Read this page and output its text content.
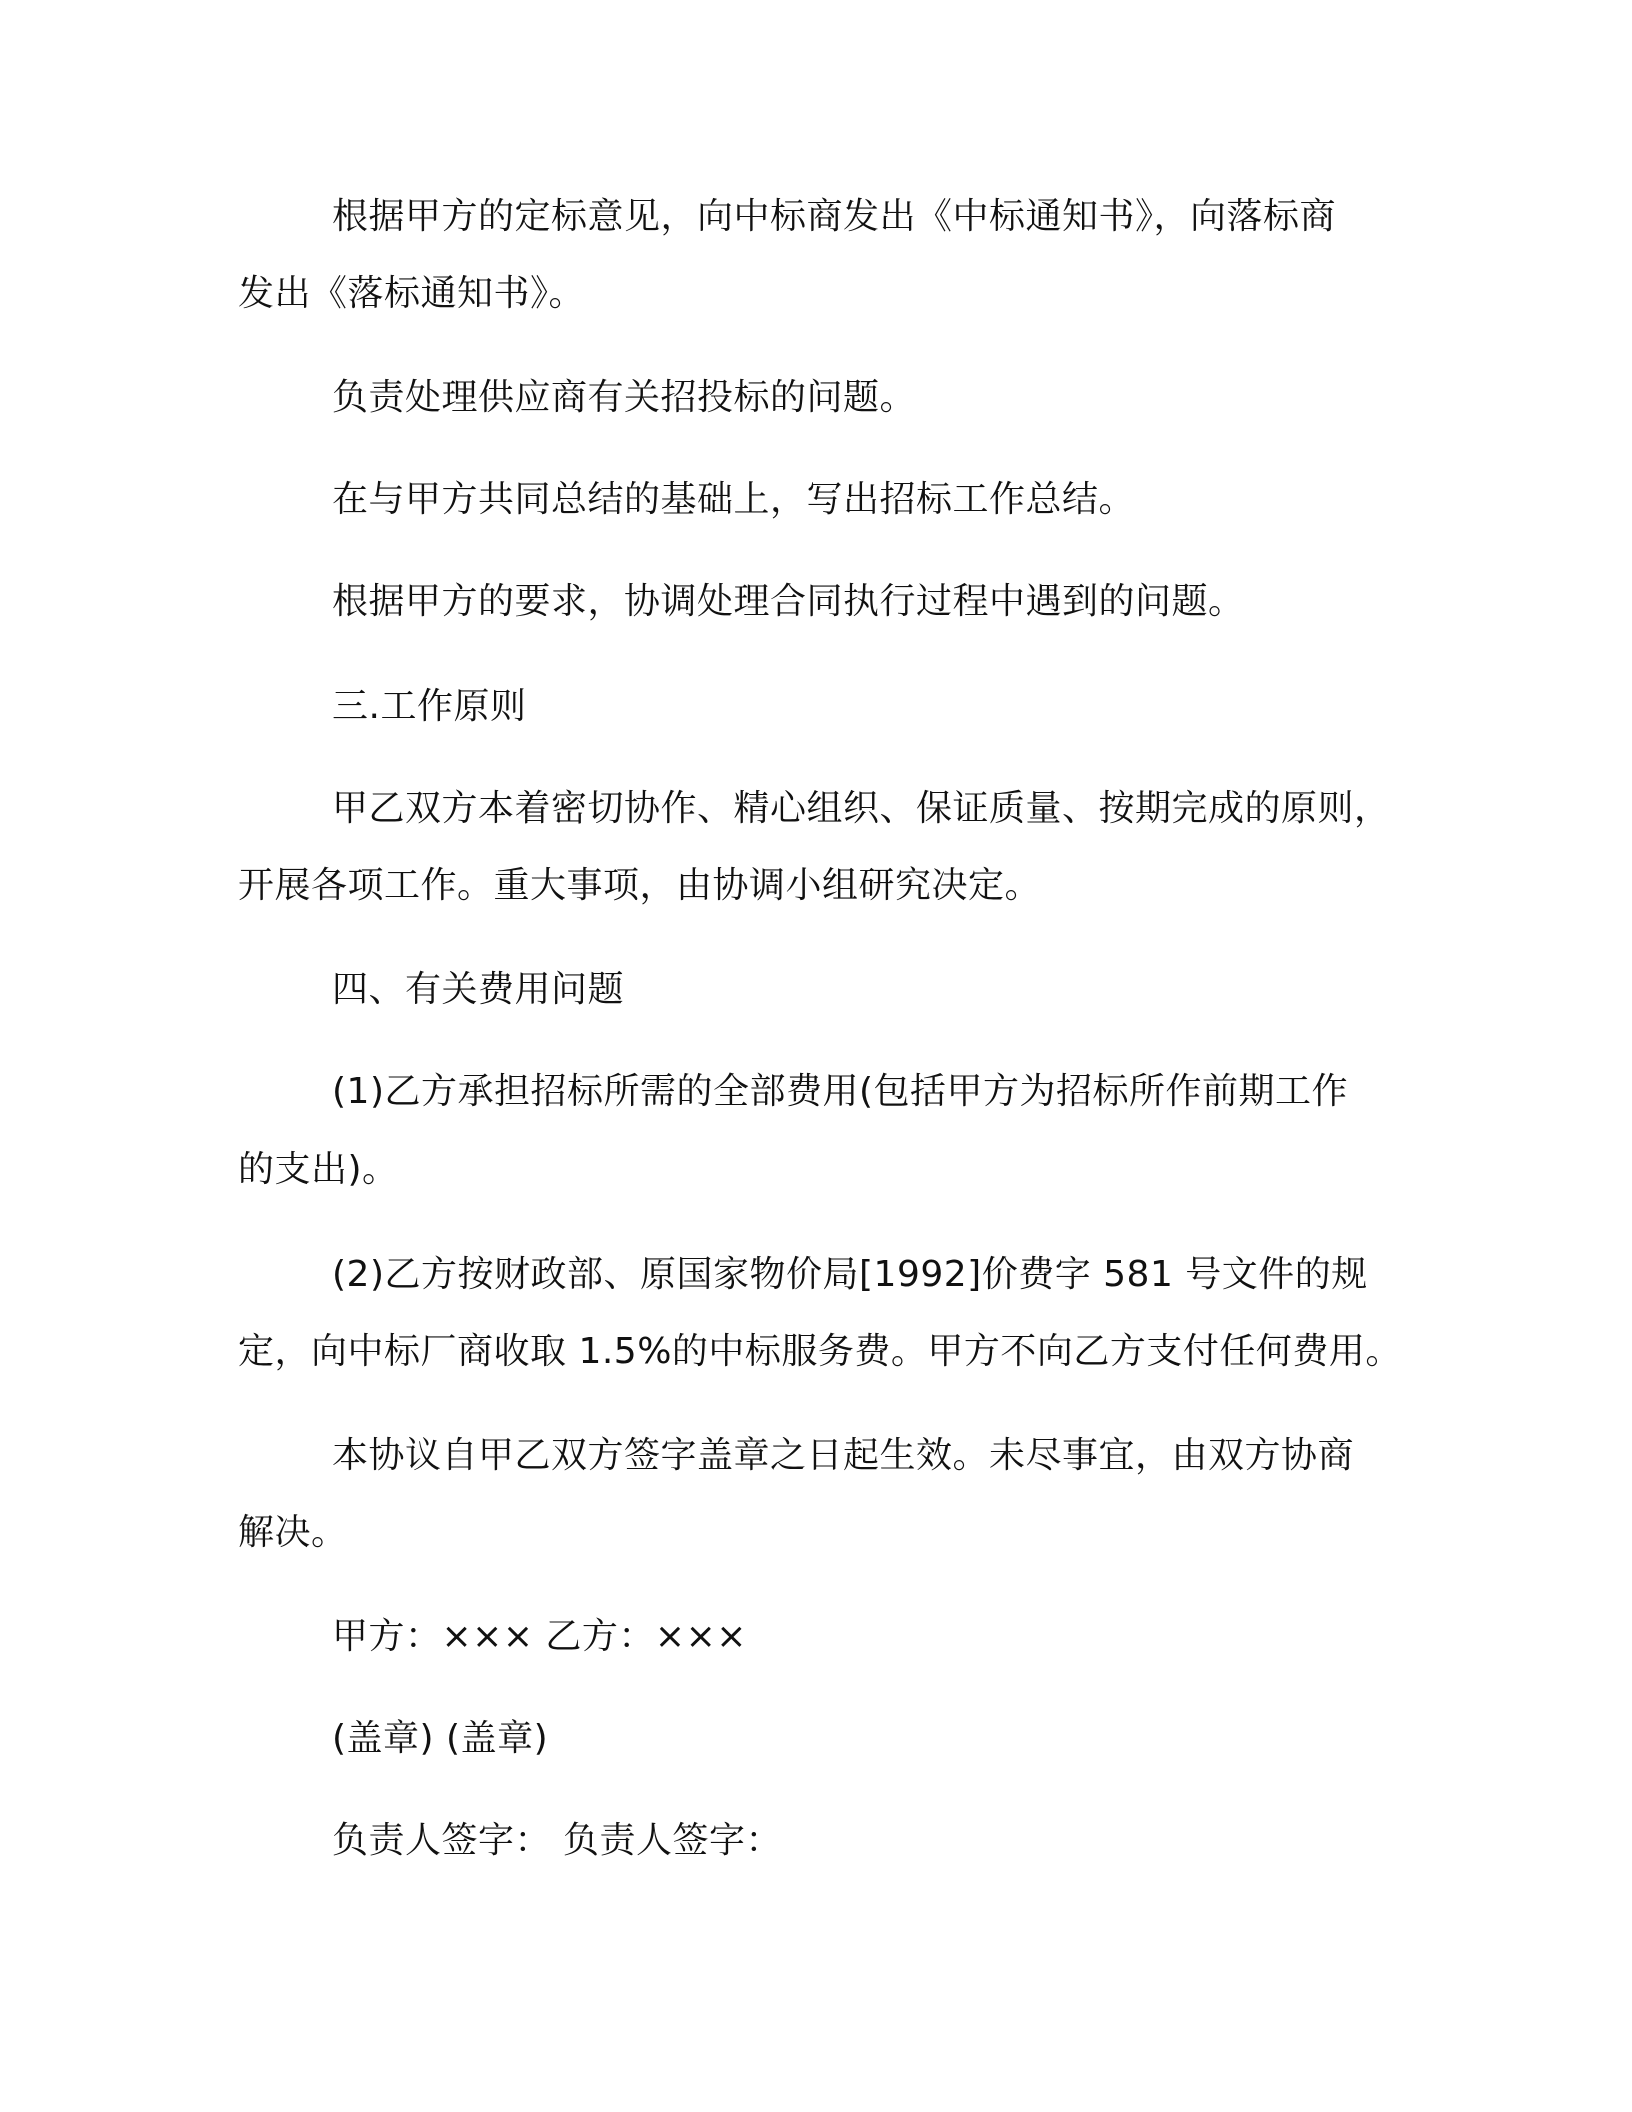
根据甲方的定标意见，向中标商发出《中标通知书》，向落标商
发出《落标通知书》。
负责处理供应商有关招投标的问题。
在与甲方共同总结的基础上，写出招标工作总结。
根据甲方的要求，协调处理合同执行过程中遇到的问题。
三.工作原则
甲乙双方本着密切协作、精心组织、保证质量、按期完成的原则，
开展各项工作。重大事项，由协调小组研究决定。
四、有关费用问题
(1)乙方承担招标所需的全部费用(包括甲方为招标所作前期工作
的支出)。
(2)乙方按财政部、原国家物价局[1992]价费字 581 号文件的规
定，向中标厂商收取 1.5%的中标服务费。甲方不向乙方支付任何费用。
本协议自甲乙双方签字盖章之日起生效。未尽事宜，由双方协商
解决。
甲方：××× 乙方：×××
(盖章) (盖章)
负责人签字： 负责人签字：
